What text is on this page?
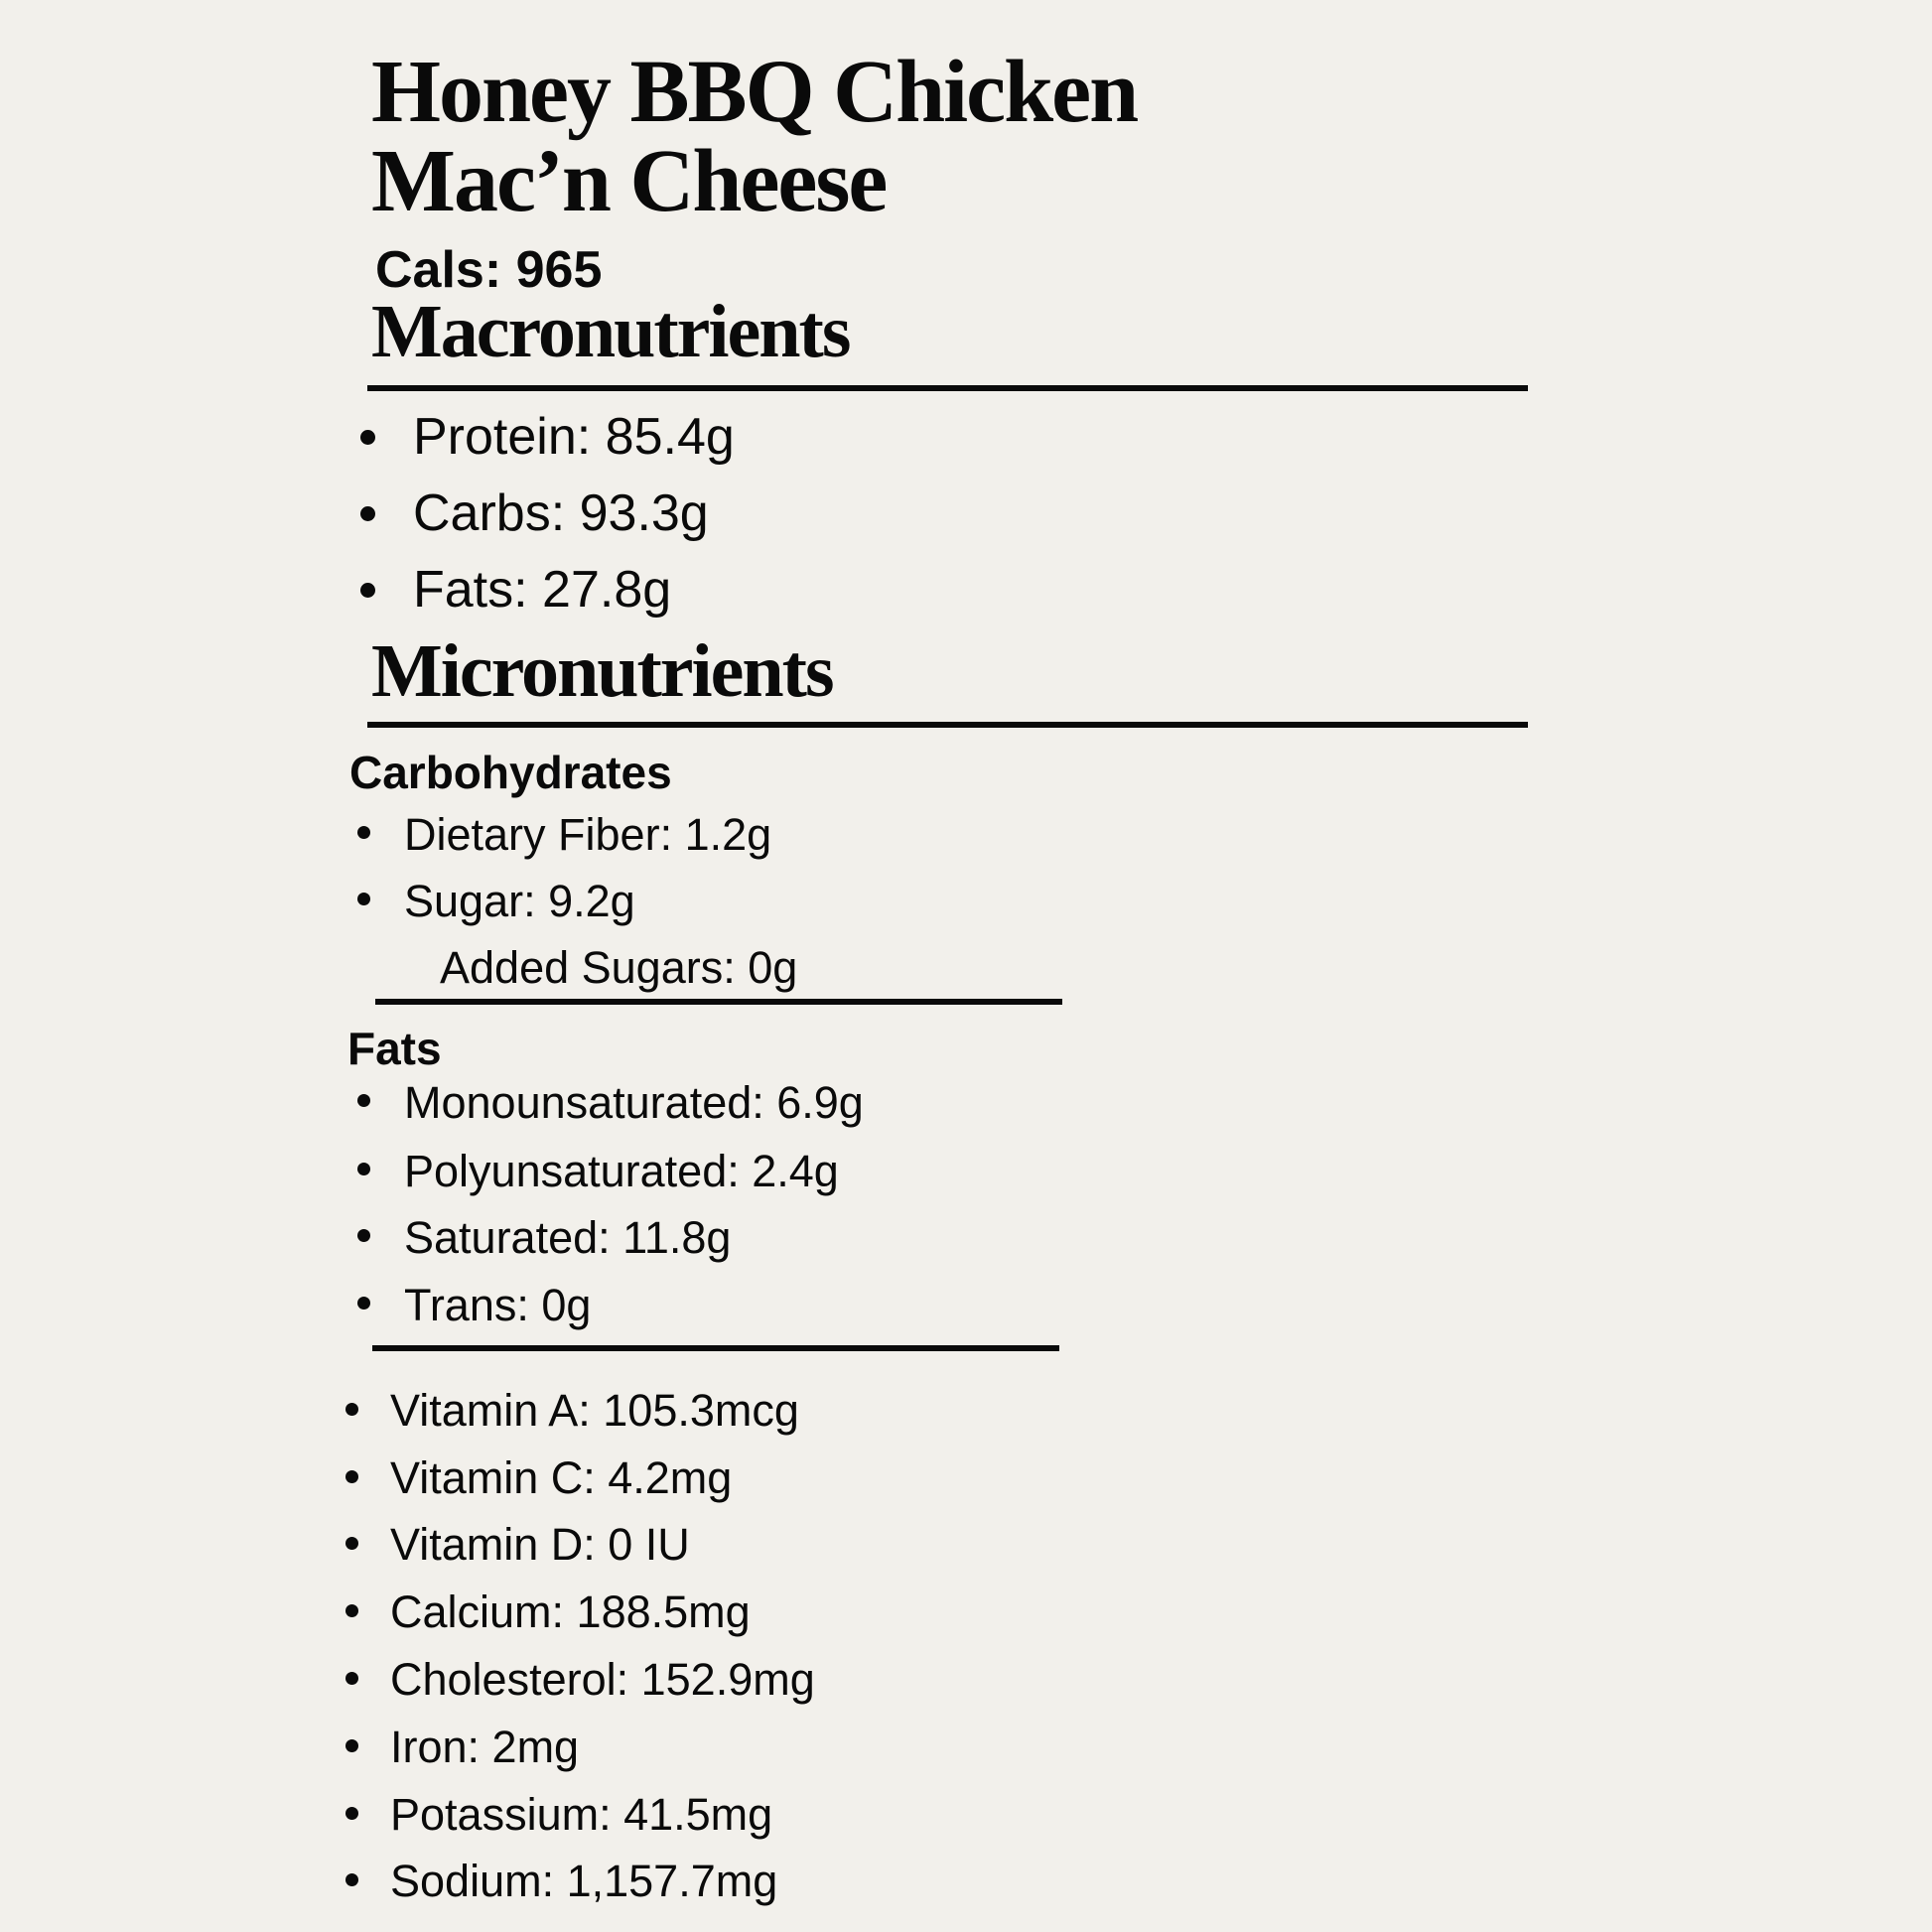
Honey BBQ Chicken
Mac’n Cheese
Cals: 965
Macronutrients
Protein: 85.4g
Carbs: 93.3g
Fats: 27.8g
Micronutrients
Carbohydrates
Dietary Fiber: 1.2g
Sugar: 9.2g
Added Sugars: 0g
Fats
Monounsaturated: 6.9g
Polyunsaturated: 2.4g
Saturated: 11.8g
Trans: 0g
Vitamin A: 105.3mcg
Vitamin C: 4.2mg
Vitamin D: 0 IU
Calcium: 188.5mg
Cholesterol: 152.9mg
Iron: 2mg
Potassium: 41.5mg
Sodium: 1,157.7mg
